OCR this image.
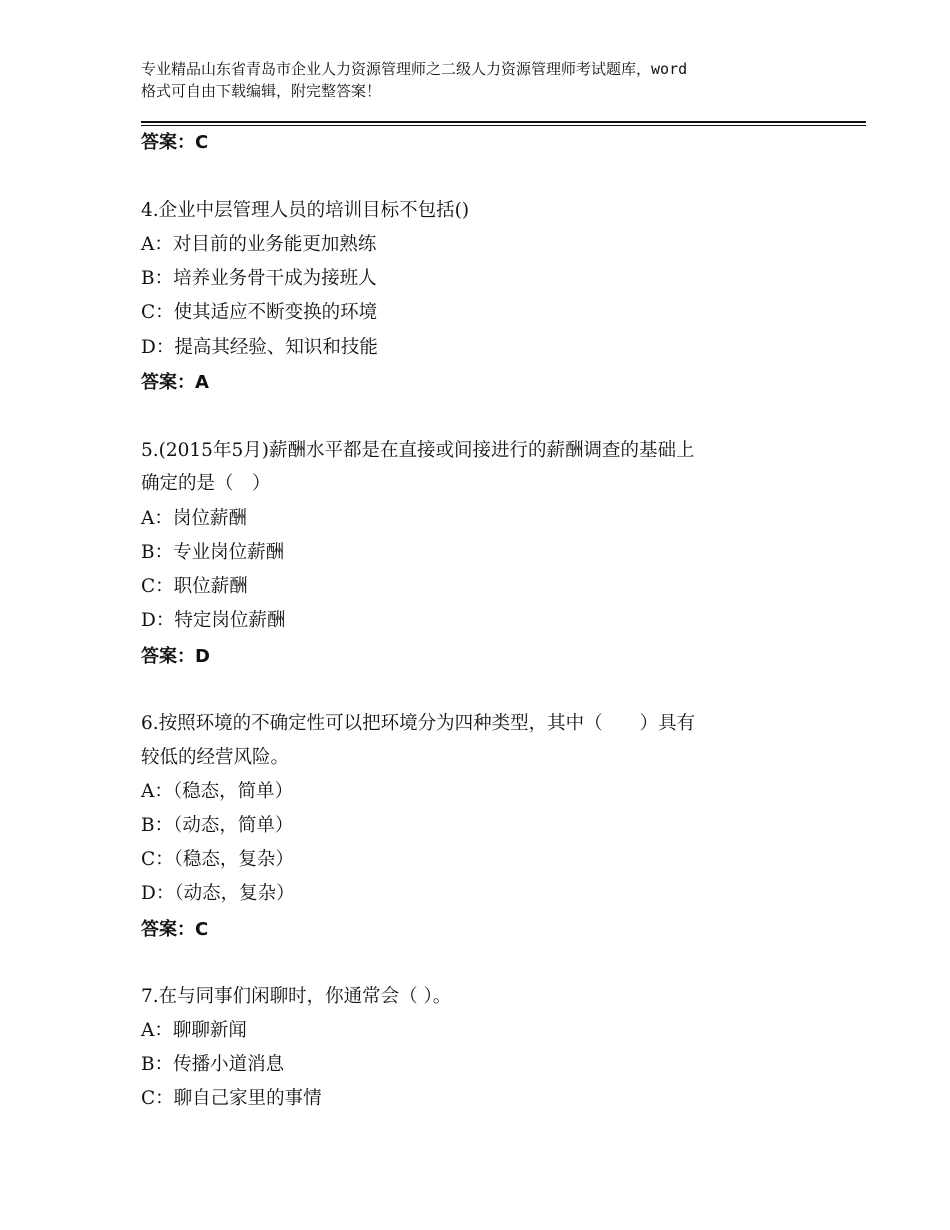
专业精品山东省青岛市企业人力资源管理师之二级人力资源管理师考试题库，word
格式可自由下载编辑，附完整答案！
答案：C
4.企业中层管理人员的培训目标不包括()
A：对目前的业务能更加熟练
B：培养业务骨干成为接班人
C：使其适应不断变换的环境
D：提高其经验、知识和技能
答案：A
5.(2015年5月)薪酬水平都是在直接或间接进行的薪酬调查的基础上
确定的是（　）
A：岗位薪酬
B：专业岗位薪酬
C：职位薪酬
D：特定岗位薪酬
答案：D
6.按照环境的不确定性可以把环境分为四种类型，其中（　　）具有
较低的经营风险。
A：（稳态，简单）
B：（动态，简单）
C：（稳态，复杂）
D：（动态，复杂）
答案：C
7.在与同事们闲聊时，你通常会（ ）。
A：聊聊新闻
B：传播小道消息
C：聊自己家里的事情
